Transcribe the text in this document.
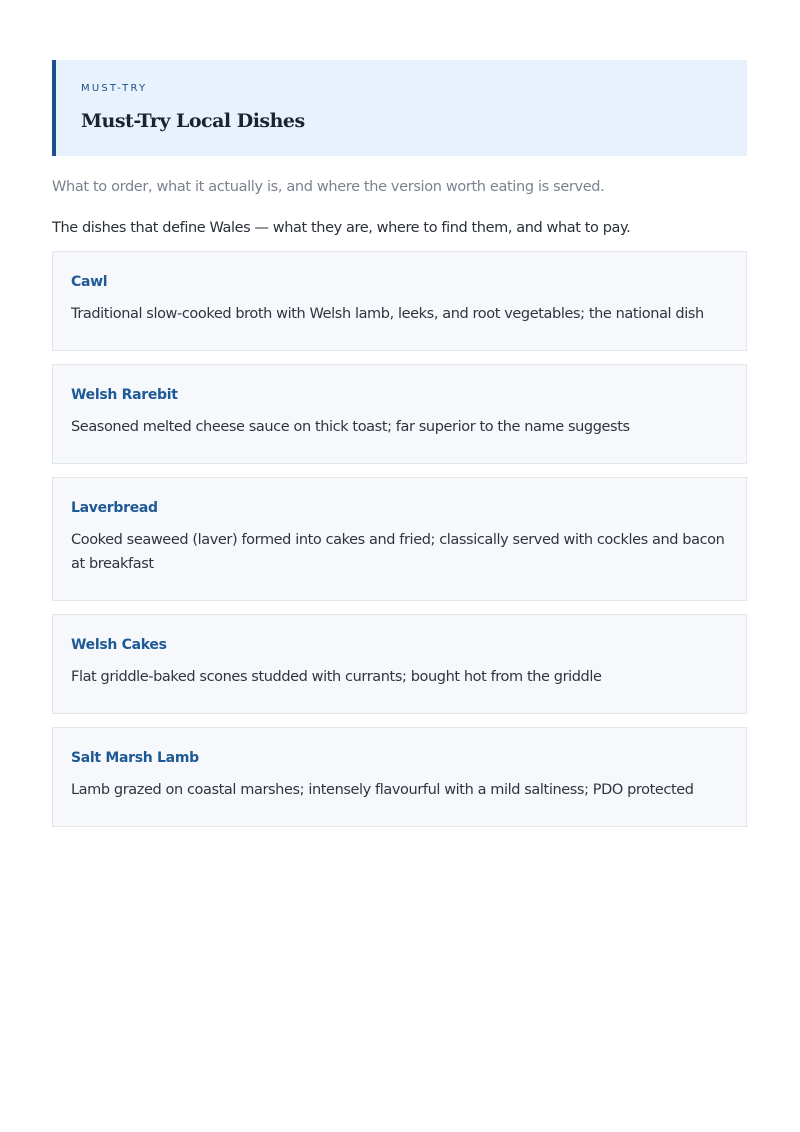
MUST-TRY
Must-Try Local Dishes
What to order, what it actually is, and where the version worth eating is served.
The dishes that define Wales — what they are, where to find them, and what to pay.
Cawl
Traditional slow-cooked broth with Welsh lamb, leeks, and root vegetables; the national dish
Welsh Rarebit
Seasoned melted cheese sauce on thick toast; far superior to the name suggests
Laverbread
Cooked seaweed (laver) formed into cakes and fried; classically served with cockles and bacon at breakfast
Welsh Cakes
Flat griddle-baked scones studded with currants; bought hot from the griddle
Salt Marsh Lamb
Lamb grazed on coastal marshes; intensely flavourful with a mild saltiness; PDO protected
